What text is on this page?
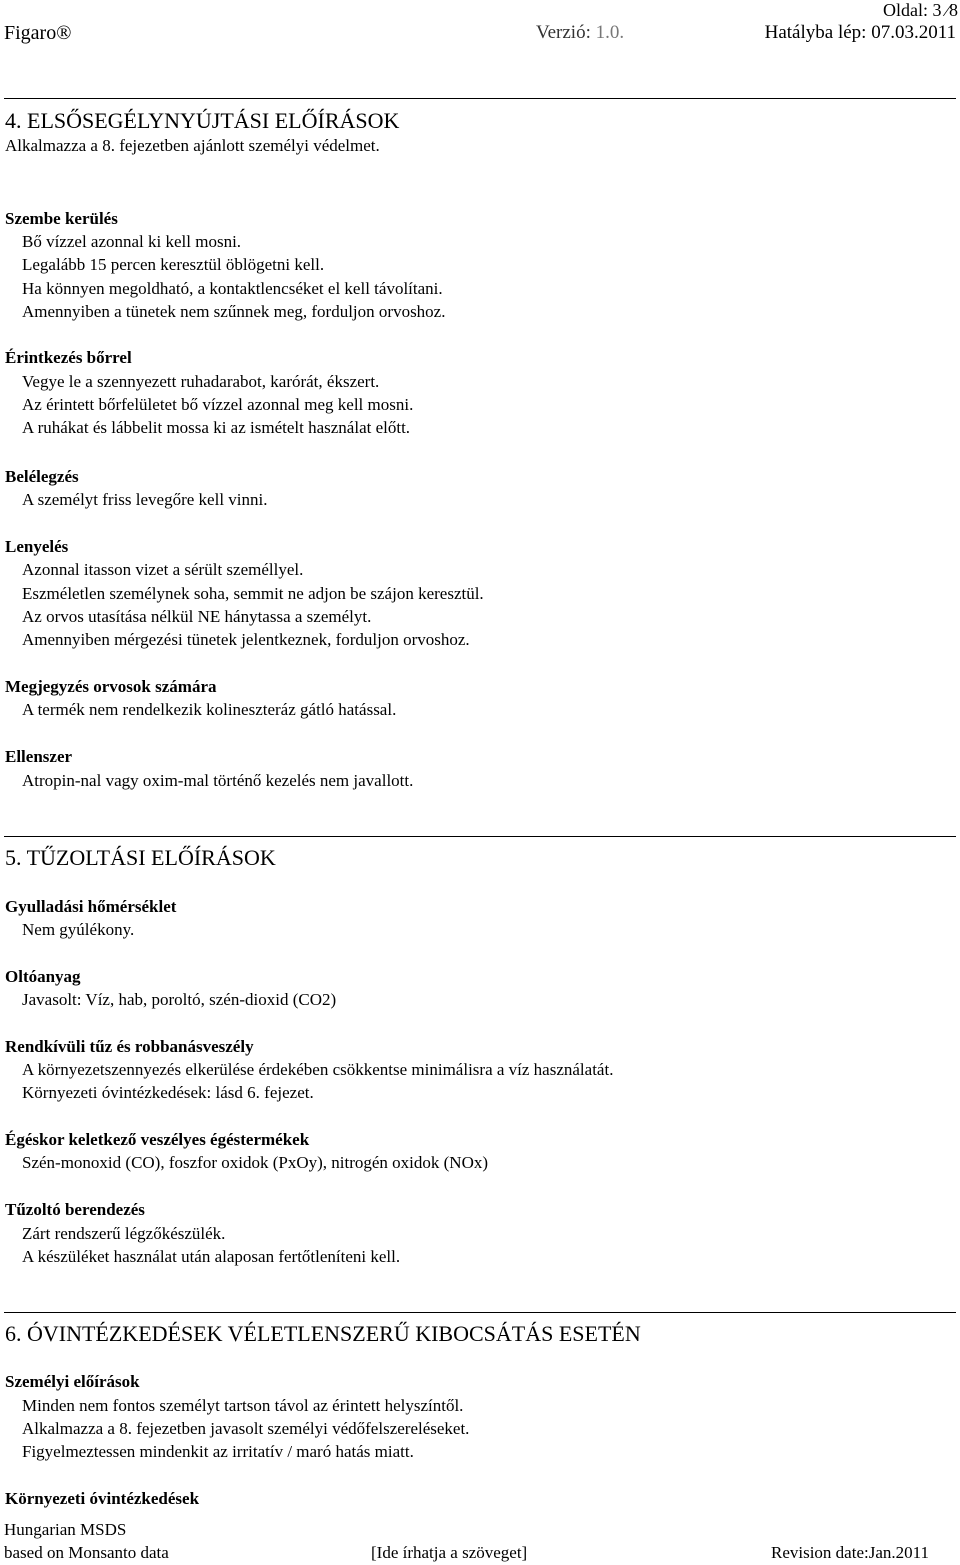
Oldal: 3 ⁄8
Figaro®	Verzió: 1.0.	Hatályba lép: 07.03.2011
4. ELSŐSEGÉLYNYÚJTÁSI ELŐÍRÁSOK
Alkalmazza a 8. fejezetben ajánlott személyi védelmet.
Szembe kerülés
Bő vízzel azonnal ki kell mosni.
Legalább 15 percen keresztül öblögetni kell.
Ha könnyen megoldható, a kontaktlencséket el kell távolítani.
Amennyiben a tünetek nem szűnnek meg, forduljon orvoshoz.
Érintkezés bőrrel
Vegye le a szennyezett ruhadarabot, karórát, ékszert.
Az érintett bőrfelületet bő vízzel azonnal meg kell mosni.
A ruhákat és lábbelit mossa ki az ismételt használat előtt.
Belélegzés
A személyt friss levegőre kell vinni.
Lenyelés
Azonnal itasson vizet a sérült személlyel.
Eszméletlen személynek soha, semmit ne adjon be szájon keresztül.
Az orvos utasítása nélkül NE hánytassa a személyt.
Amennyiben mérgezési tünetek jelentkeznek, forduljon orvoshoz.
Megjegyzés orvosok számára
A termék nem rendelkezik kolineszteráz gátló hatással.
Ellenszer
Atropin-nal vagy oxim-mal történő kezelés nem javallott.
5. TŰZOLTÁSI ELŐÍRÁSOK
Gyulladási hőmérséklet
Nem gyúlékony.
Oltóanyag
Javasolt: Víz, hab, poroltó, szén-dioxid (CO2)
Rendkívüli tűz és robbanásveszély
A környezetszennyezés elkerülése érdekében csökkentse minimálisra a víz használatát.
Környezeti óvintézkedések: lásd 6. fejezet.
Égéskor keletkező veszélyes égéstermékek
Szén-monoxid (CO), foszfor oxidok (PxOy), nitrogén oxidok (NOx)
Tűzoltó berendezés
Zárt rendszerű légzőkészülék.
A készüléket használat után alaposan fertőtleníteni kell.
6. ÓVINTÉZKEDÉSEK VÉLETLENSZERŰ KIBOCSÁTÁS ESETÉN
Személyi előírások
Minden nem fontos személyt tartson távol az érintett helyszíntől.
Alkalmazza a 8. fejezetben javasolt személyi védőfelszereléseket.
Figyelmeztessen mindenkit az irritatív / maró hatás miatt.
Környezeti óvintézkedések
Hungarian MSDS
based on Monsanto data	[Ide írhatja a szöveget]	Revision date:Jan.2011
